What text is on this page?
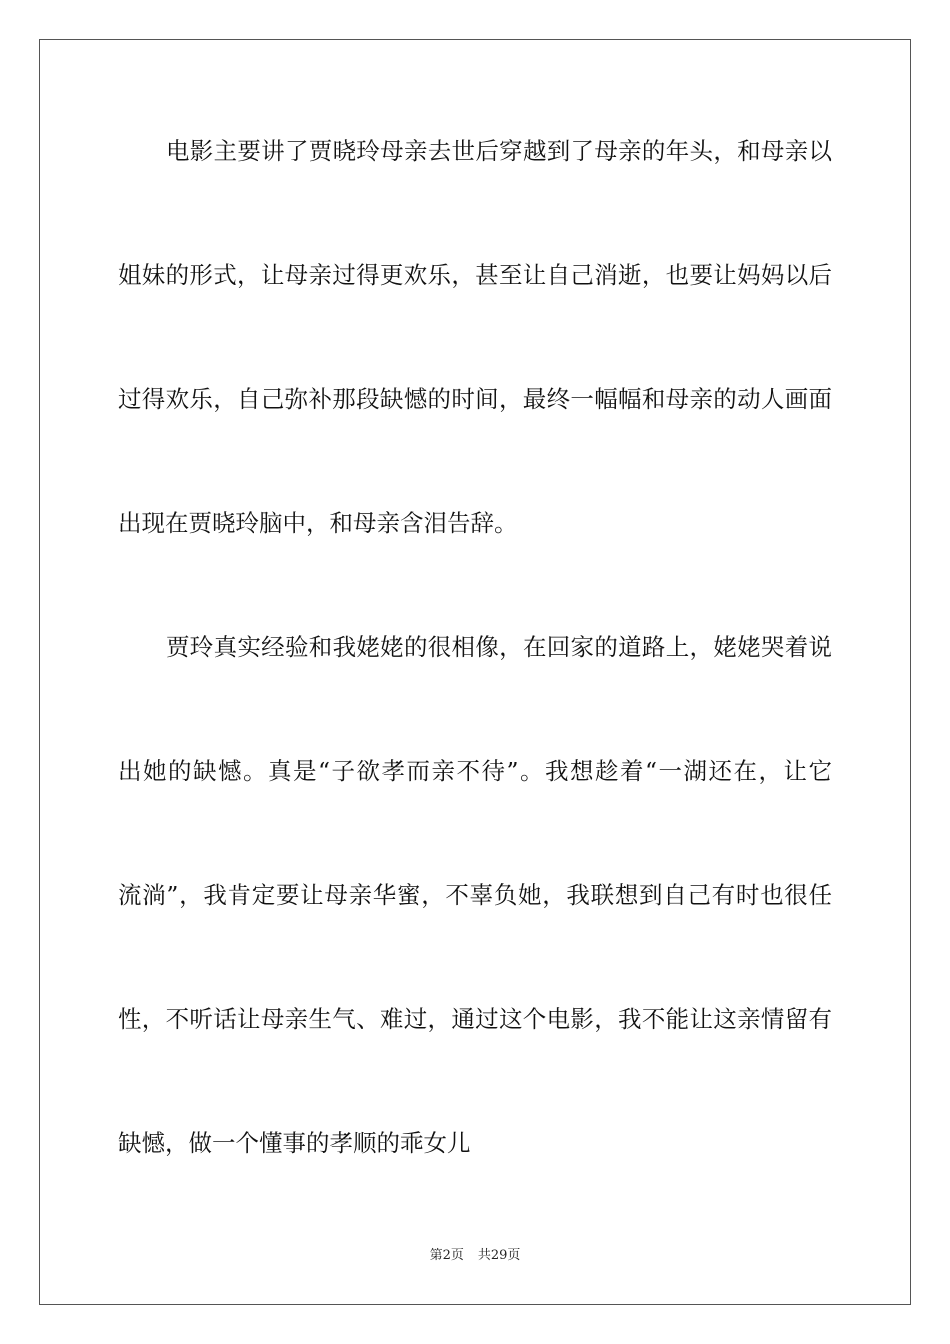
电影主要讲了贾晓玲母亲去世后穿越到了母亲的年头，和母亲以
姐妹的形式，让母亲过得更欢乐，甚至让自己消逝，也要让妈妈以后
过得欢乐，自己弥补那段缺憾的时间，最终一幅幅和母亲的动人画面
出现在贾晓玲脑中，和母亲含泪告辞。
贾玲真实经验和我姥姥的很相像，在回家的道路上，姥姥哭着说
出她的缺憾。真是“子欲孝而亲不待”。我想趁着“一湖还在，让它
流淌”，我肯定要让母亲华蜜，不辜负她，我联想到自己有时也很任
性，不听话让母亲生气、难过，通过这个电影，我不能让这亲情留有
缺憾，做一个懂事的孝顺的乖女儿
第2页 共29页
